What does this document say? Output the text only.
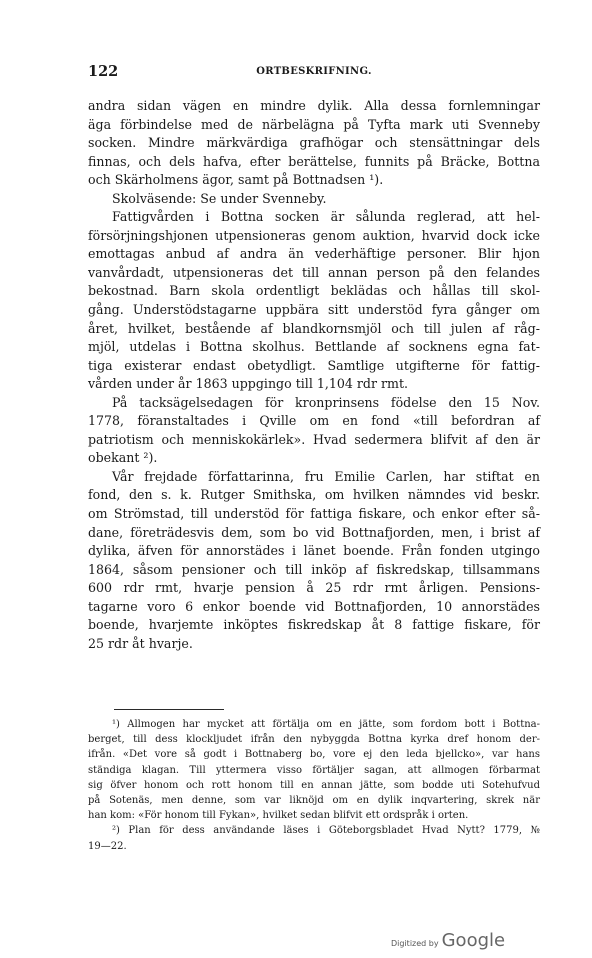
122	ORTBESKRIFNING.
andra sidan vägen en mindre dylik. Alla dessa fornlemningar
äga förbindelse med de närbelägna på Tyfta mark uti Svenneby
socken. Mindre märkvärdiga grafhögar och stensättningar dels
finnas, och dels hafva, efter berättelse, funnits på Bräcke, Bottna
och Skärholmens ägor, samt på Bottnadsen ¹).
Skolväsende: Se under Svenneby.
Fattigvården i Bottna socken är sålunda reglerad, att hel-
försörjningshjonen utpensioneras genom auktion, hvarvid dock icke
emottagas anbud af andra än vederhäftige personer. Blir hjon
vanvårdadt, utpensioneras det till annan person på den felandes
bekostnad. Barn skola ordentligt beklädas och hållas till skol-
gång. Understödstagarne uppbära sitt understöd fyra gånger om
året, hvilket, bestående af blandkornsmjöl och till julen af råg-
mjöl, utdelas i Bottna skolhus. Bettlande af socknens egna fat-
tiga existerar endast obetydligt. Samtlige utgifterne för fattig-
vården under år 1863 uppgingo till 1,104 rdr rmt.
På tacksägelsedagen för kronprinsens födelse den 15 Nov.
1778, föranstaltades i Qville om en fond «till befordran af
patriotism och menniskokärlek». Hvad sedermera blifvit af den är
obekant ²).
Vår frejdade författarinna, fru Emilie Carlen, har stiftat en
fond, den s. k. Rutger Smithska, om hvilken nämndes vid beskr.
om Strömstad, till understöd för fattiga fiskare, och enkor efter så-
dane, företrädesvis dem, som bo vid Bottnafjorden, men, i brist af
dylika, äfven för annorstädes i länet boende. Från fonden utgingo
1864, såsom pensioner och till inköp af fiskredskap, tillsammans
600 rdr rmt, hvarje pension å 25 rdr rmt årligen. Pensions-
tagarne voro 6 enkor boende vid Bottnafjorden, 10 annorstädes
boende, hvarjemte inköptes fiskredskap åt 8 fattige fiskare, för
25 rdr åt hvarje.
¹) Allmogen har mycket att förtälja om en jätte, som fordom bott i Bottna-
berget, till dess klockljudet ifrån den nybyggda Bottna kyrka dref honom der-
ifrån. «Det vore så godt i Bottnaberg bo, vore ej den leda bjellcko», var hans
ständiga klagan. Till yttermera visso förtäljer sagan, att allmogen förbarmat
sig öfver honom och rott honom till en annan jätte, som bodde uti Sotehufvud
på Sotenäs, men denne, som var liknöjd om en dylik inqvartering, skrek när
han kom: «För honom till Fykan», hvilket sedan blifvit ett ordspråk i orten.
²) Plan för dess användande läses i Göteborgsbladet Hvad Nytt? 1779, №
19—22.
Digitized by Google
